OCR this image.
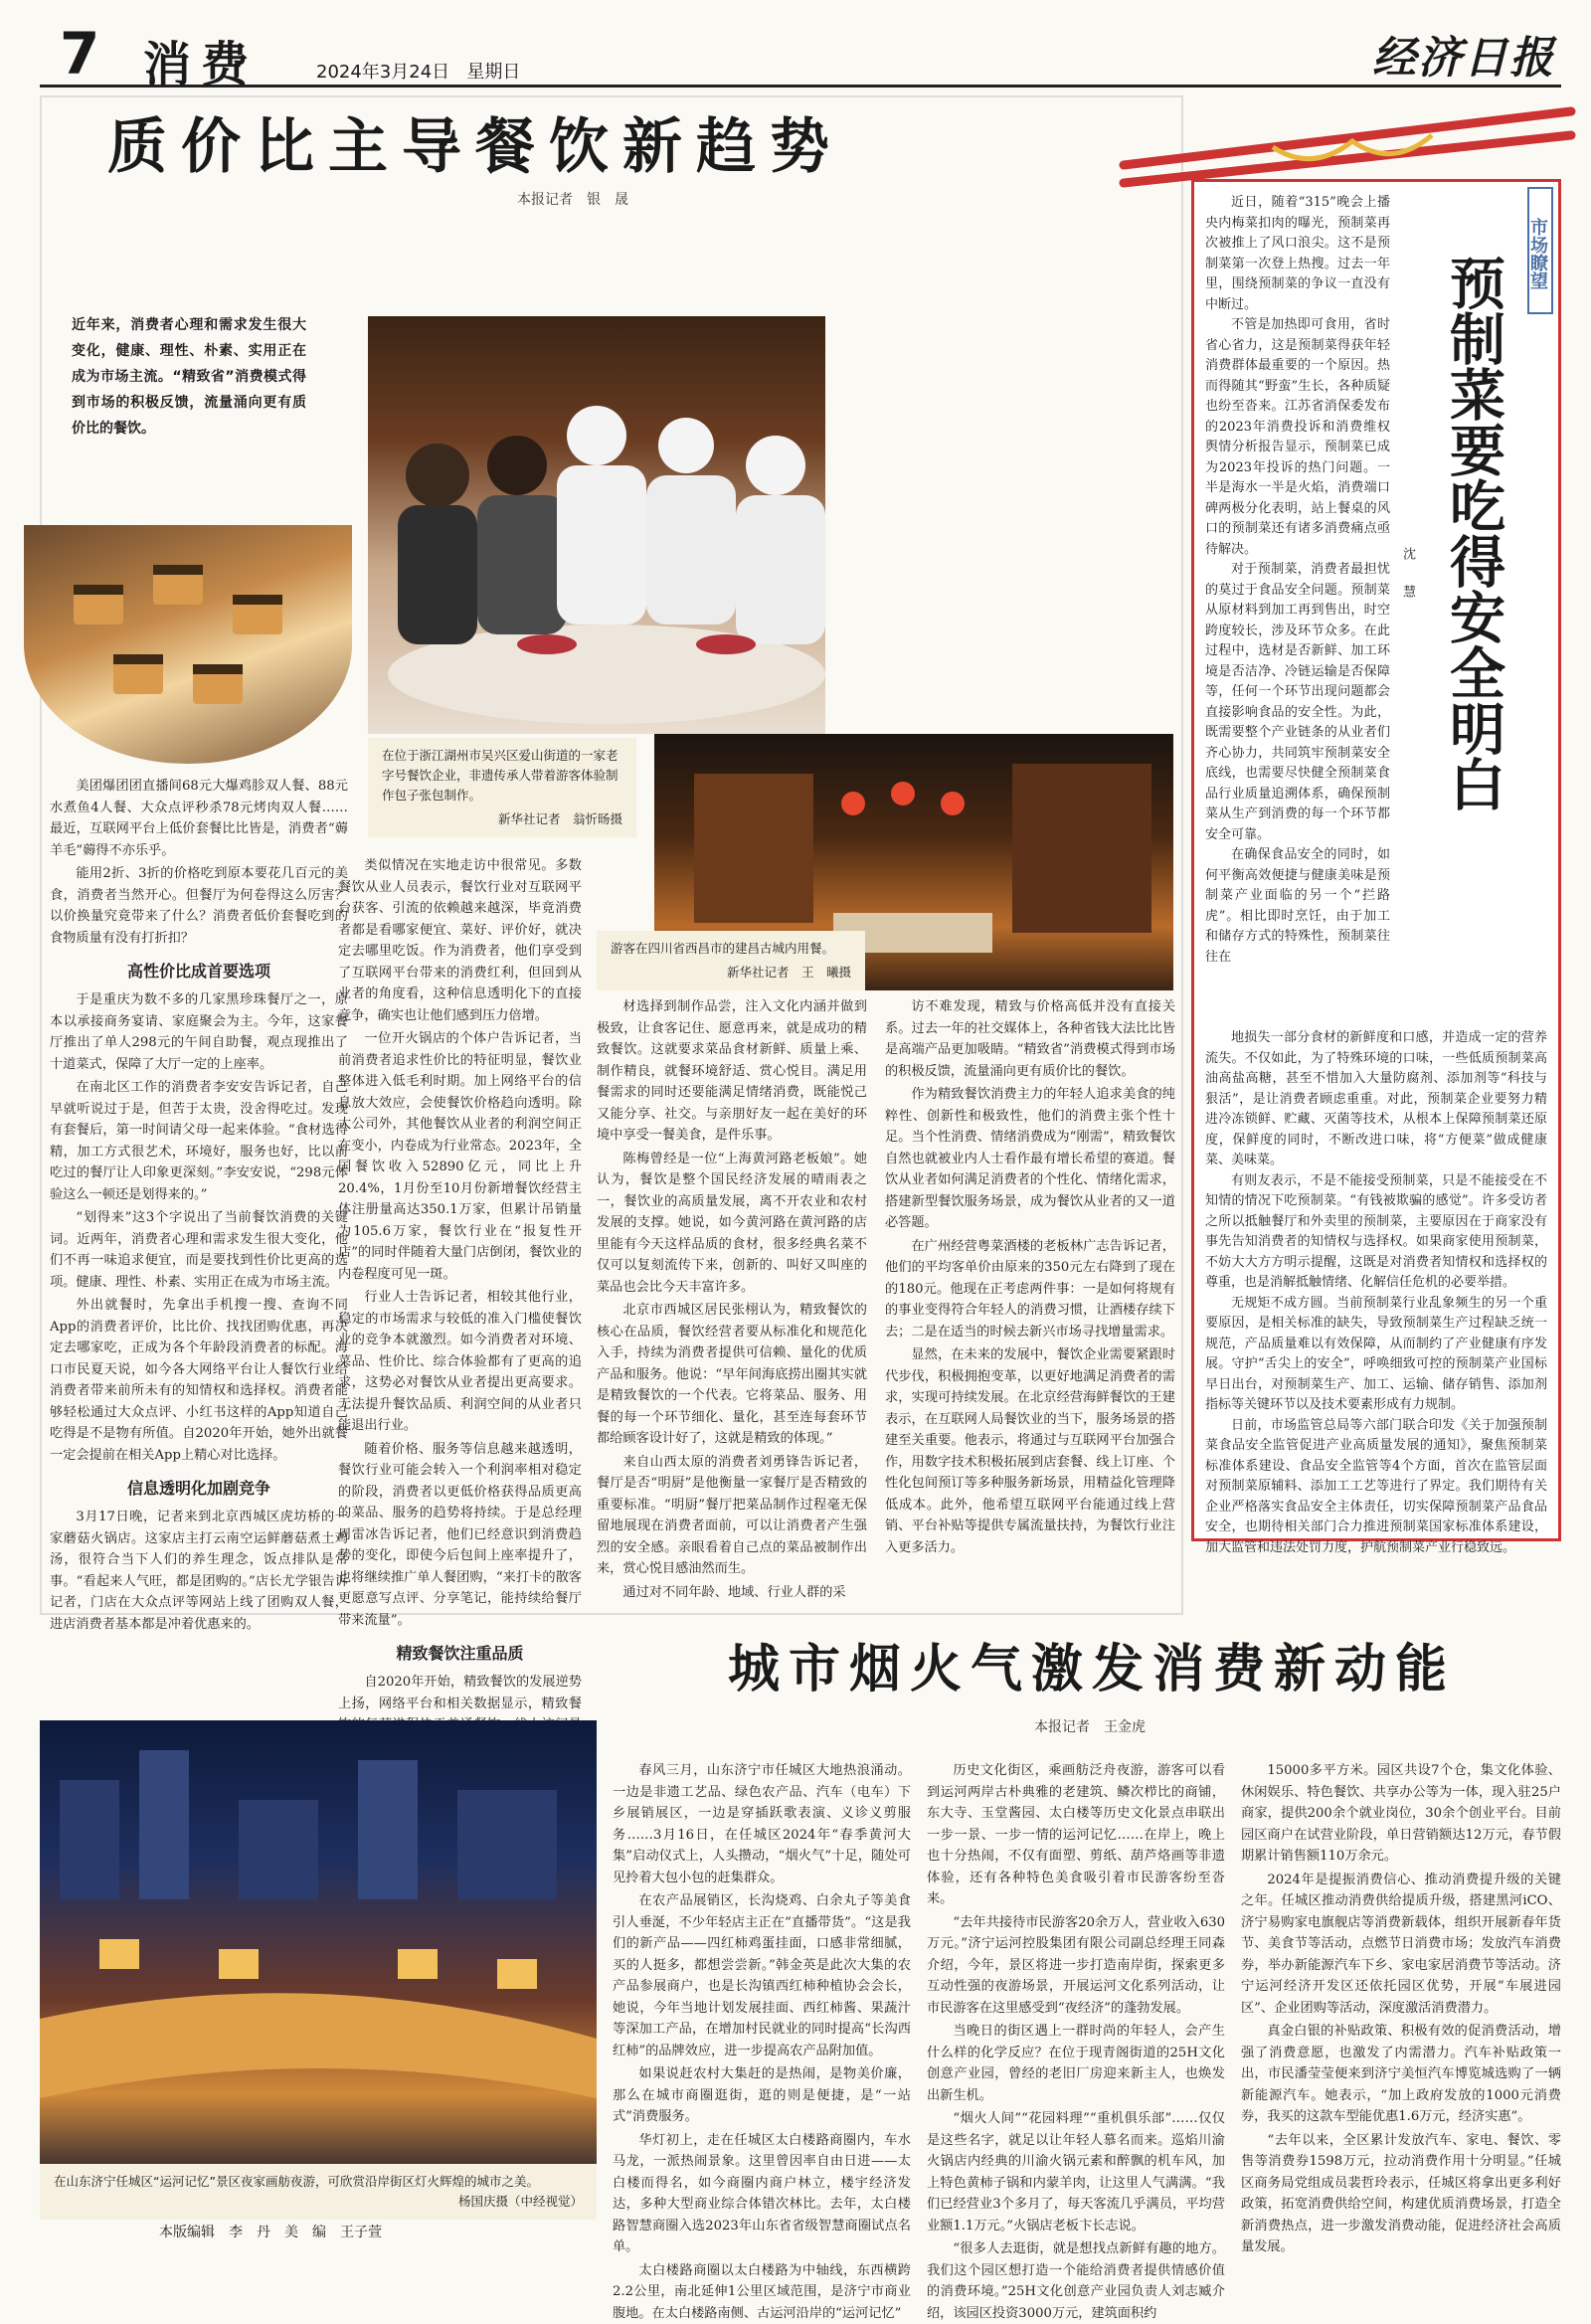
7 消费	2024年3月24日 星期日	经济日报
质价比主导餐饮新趋势
本报记者　银　晟
近年来，消费者心理和需求发生很大变化，健康、理性、朴素、实用正在成为市场主流。“精致省”消费模式得到市场的积极反馈，流量涌向更有质价比的餐饮。
在位于浙江湖州市吴兴区爱山街道的一家老字号餐饮企业，非遗传承人带着游客体验制作包子张包制作。
新华社记者　翁忻旸摄
游客在四川省西昌市的建昌古城内用餐。
新华社记者　王　曦摄

美团爆团团直播间68元大爆鸡胗双人餐、88元水煮鱼4人餐、大众点评秒杀78元烤肉双人餐……最近，互联网平台上低价套餐比比皆是，消费者“薅羊毛”薅得不亦乐乎。

能用2折、3折的价格吃到原本要花几百元的美食，消费者当然开心。但餐厅为何卷得这么厉害？以价换量究竟带来了什么？消费者低价套餐吃到的食物质量有没有打折扣？

高性价比成首要选项

于是重庆为数不多的几家黑珍珠餐厅之一，原本以承接商务宴请、家庭聚会为主。今年，这家餐厅推出了单人298元的午间自助餐，观点现推出了十道菜式，保障了大厅一定的上座率。

在南北区工作的消费者李安安告诉记者，自己早就听说过于是，但苦于太贵，没舍得吃过。发现有套餐后，第一时间请父母一起来体验。“食材选得精，加工方式很艺术，环境好，服务也好，比以前吃过的餐厅让人印象更深刻。”李安安说，“298元体验这么一顿还是划得来的。”

“划得来”这3个字说出了当前餐饮消费的关键词。近两年，消费者心理和需求发生很大变化，他们不再一味追求便宜，而是要找到性价比更高的选项。健康、理性、朴素、实用正在成为市场主流。

外出就餐时，先拿出手机搜一搜、查询不同App的消费者评价，比比价、找找团购优惠，再决定去哪家吃，正成为各个年龄段消费者的标配。海口市民夏天说，如今各大网络平台让人餐饮行业给消费者带来前所未有的知情权和选择权。消费者能够轻松通过大众点评、小红书这样的App知道自己吃得是不是物有所值。自2020年开始，她外出就餐一定会提前在相关App上精心对比选择。

信息透明化加剧竞争

3月17日晚，记者来到北京西城区虎坊桥的一家蘑菇火锅店。这家店主打云南空运鲜蘑菇煮土鸡汤，很符合当下人们的养生理念，饭点排队是常事。“看起来人气旺，都是团购的。”店长尤学银告诉记者，门店在大众点评等网站上线了团购双人餐，进店消费者基本都是冲着优惠来的。

类似情况在实地走访中很常见。多数餐饮从业人员表示，餐饮行业对互联网平台获客、引流的依赖越来越深，毕竟消费者都是看哪家便宜、菜好、评价好，就决定去哪里吃饭。作为消费者，他们享受到了互联网平台带来的消费红利，但回到从业者的角度看，这种信息透明化下的直接竞争，确实也让他们感到压力倍增。

一位开火锅店的个体户告诉记者，当前消费者追求性价比的特征明显，餐饮业整体进入低毛利时期。加上网络平台的信息放大效应，会使餐饮价格趋向透明。除大公司外，其他餐饮从业者的利润空间正在变小，内卷成为行业常态。2023年，全国餐饮收入52890亿元，同比上升20.4%，1月份至10月份新增餐饮经营主体注册量高达350.1万家，但累计吊销量为105.6万家，餐饮行业在“报复性开店”的同时伴随着大量门店倒闭，餐饮业的内卷程度可见一斑。

行业人士告诉记者，相较其他行业，稳定的市场需求与较低的准入门槛使餐饮业的竞争本就激烈。如今消费者对环境、菜品、性价比、综合体验都有了更高的追求，这势必对餐饮从业者提出更高要求。无法提升餐饮品质、利润空间的从业者只能退出行业。

随着价格、服务等信息越来越透明，餐饮行业可能会转入一个利润率相对稳定的阶段，消费者以更低价格获得品质更高的菜品、服务的趋势将持续。于是总经理周雷冰告诉记者，他们已经意识到消费趋势的变化，即使今后包间上座率提升了，也将继续推广单人餐团购，“来打卡的散客更愿意写点评、分享笔记，能持续给餐厅带来流量”。

精致餐饮注重品质

自2020年开始，精致餐饮的发展逆势上扬，网络平台和相关数据显示，精致餐

材选择到制作品尝，注入文化内涵并做到极致，让食客记住、愿意再来，就是成功的精致餐饮。这就要求菜品食材新鲜、质量上乘、制作精良，就餐环境舒适、赏心悦目。满足用餐需求的同时还要能满足情绪消费，既能悦己又能分享、社交。与亲朋好友一起在美好的环境中享受一餐美食，是件乐事。

陈梅曾经是一位“上海黄河路老板娘”。她认为，餐饮是整个国民经济发展的晴雨表之一，餐饮业的高质量发展，离不开农业和农村发展的支撑。她说，如今黄河路在黄河路的店里能有今天这样品质的食材，很多经典名菜不仅可以复刻流传下来，创新的、叫好又叫座的菜品也会比今天丰富许多。

北京市西城区居民张栩认为，精致餐饮的核心在品质，餐饮经营者要从标准化和规范化入手，持续为消费者提供可信赖、量化的优质产品和服务。他说：“早年间海底捞出圈其实就是精致餐饮的一个代表。它将菜品、服务、用餐的每一个环节细化、量化，甚至连每套环节都给顾客设计好了，这就是精致的体现。”

来自山西太原的消费者刘勇锋告诉记者，餐厅是否“明厨”是他衡量一家餐厅是否精致的重要标准。“明厨”餐厅把菜品制作过程毫无保留地展现在消费者面前，可以让消费者产生强烈的安全感。亲眼看着自己点的菜品被制作出来，赏心悦目感油然而生。

通过对不同年龄、地域、行业人群的采

访不难发现，精致与价格高低并没有直接关系。过去一年的社交媒体上，各种省钱大法比比皆是高端产品更加吸睛。“精致省”消费模式得到市场的积极反馈，流量涌向更有质价比的餐饮。

作为精致餐饮消费主力的年轻人追求美食的纯粹性、创新性和极致性，他们的消费主张个性十足。当个性消费、情绪消费成为“刚需”，精致餐饮自然也就被业内人士看作最有增长希望的赛道。餐饮从业者如何满足消费者的个性化、情绪化需求，搭建新型餐饮服务场景，成为餐饮从业者的又一道必答题。

在广州经营粤菜酒楼的老板林广志告诉记者，他们的平均客单价由原来的350元左右降到了现在的180元。他现在正考虑两件事：一是如何将规有的事业变得符合年轻人的消费习惯，让酒楼存续下去；二是在适当的时候去新兴市场寻找增量需求。

显然，在未来的发展中，餐饮企业需要紧跟时代步伐，积极拥抱变革，以更好地满足消费者的需求，实现可持续发展。在北京经营海鲜餐饮的王建表示，在互联网人局餐饮业的当下，服务场景的搭建至关重要。他表示，将通过与互联网平台加强合作，用数字技术积极拓展到店套餐、线上订座、个性化包间预订等多种服务新场景，用精益化管理降低成本。此外，他希望互联网平台能通过线上营销、平台补贴等提供专属流量扶持，为餐饮行业注入更多活力。

市场瞭望
预制菜要吃得安全明白
沈　慧

近日，随着“315”晚会上播央内梅菜扣肉的曝光，预制菜再次被推上了风口浪尖。这不是预制菜第一次登上热搜。过去一年里，围绕预制菜的争议一直没有中断过。

不管是加热即可食用，省时省心省力，这是预制菜得获年轻消费群体最重要的一个原因。热而得随其“野蛮”生长，各种质疑也纷至沓来。江苏省消保委发布的2023年消费投诉和消费维权舆情分析报告显示，预制菜已成为2023年投诉的热门问题。一半是海水一半是火焰，消费端口碑两极分化表明，站上餐桌的风口的预制菜还有诸多消费痛点亟待解决。

对于预制菜，消费者最担忧的莫过于食品安全问题。预制菜从原材料到加工再到售出，时空跨度较长，涉及环节众多。在此过程中，选材是否新鲜、加工环境是否洁净、冷链运输是否保障等，任何一个环节出现问题都会直接影响食品的安全性。为此，既需要整个产业链条的从业者们齐心协力，共同筑牢预制菜安全底线，也需要尽快健全预制菜食品行业质量追溯体系，确保预制菜从生产到消费的每一个环节都安全可靠。

在确保食品安全的同时，如何平衡高效便捷与健康美味是预制菜产业面临的另一个“拦路虎”。相比即时烹饪，由于加工和储存方式的特殊性，预制菜往往在

地损失一部分食材的新鲜度和口感，并造成一定的营养流失。不仅如此，为了特殊环境的口味，一些低质预制菜高油高盐高糖，甚至不惜加入大量防腐剂、添加剂等“科技与狠活”，是让消费者顾虑重重。对此，预制菜企业要努力精进冷冻锁鲜、贮藏、灭菌等技术，从根本上保障预制菜还原度，保鲜度的同时，不断改进口味，将“方便菜”做成健康菜、美味菜。

有则友表示，不是不能接受预制菜，只是不能接受在不知情的情况下吃预制菜。“有钱被欺骗的感觉”。许多受访者之所以抵触餐厅和外卖里的预制菜，主要原因在于商家没有事先告知消费者的知情权与选择权。如果商家使用预制菜，不妨大大方方明示提醒，这既是对消费者知情权和选择权的尊重，也是消解抵触情绪、化解信任危机的必要举措。

无规矩不成方圆。当前预制菜行业乱象频生的另一个重要原因，是相关标准的缺失，导致预制菜生产过程缺乏统一规范，产品质量难以有效保障，从而制约了产业健康有序发展。守护“舌尖上的安全”，呼唤细致可控的预制菜产业国标早日出台，对预制菜生产、加工、运输、储存销售、添加剂指标等关键环节以及技术要素形成有力规制。

日前，市场监管总局等六部门联合印发《关于加强预制菜食品安全监管促进产业高质量发展的通知》，聚焦预制菜标准体系建设、食品安全监管等4个方面，首次在监管层面对预制菜原辅料、添加工工艺等进行了界定。我们期待有关企业严格落实食品安全主体责任，切实保障预制菜产品食品安全，也期待相关部门合力推进预制菜国家标准体系建设，加大监管和违法处罚力度，护航预制菜产业行稳致远。

城市烟火气激发消费新动能
本报记者　王金虎
在山东济宁任城区“运河记忆”景区夜家画舫夜游，可欣赏沿岸街区灯火辉煌的城市之美。
杨国庆摄（中经视觉）

春风三月，山东济宁市任城区大地热浪涌动。一边是非遗工艺品、绿色农产品、汽车（电车）下乡展销展区，一边是穿插跃歌表演、义诊义剪服务……3月16日，在任城区2024年“春季黄河大集”启动仪式上，人头攒动，“烟火气”十足，随处可见拎着大包小包的赶集群众。

在农产品展销区，长沟烧鸡、白余丸子等美食引人垂涎，不少年轻店主正在“直播带货”。“这是我们的新产品——四红柿鸡蛋挂面，口感非常细腻，买的人挺多，都想尝尝新。”韩金英是此次大集的农产品参展商户，也是长沟镇西红柿种植协会会长，她说，今年当地计划发展挂面、西红柿酱、果蔬汁等深加工产品，在增加村民就业的同时提高“长沟西红柿”的品牌效应，进一步提高农产品附加值。

如果说赶农村大集赶的是热闹，是物美价廉，那么在城市商圈逛街，逛的则是便捷，是“一站式”消费服务。

华灯初上，走在任城区太白楼路商圈内，车水马龙，一派热闹景象。这里曾因率自由日进——太白楼而得名，如今商圈内商户林立，楼宇经济发达，多种大型商业综合体错次林比。去年，太白楼路智慧商圈入选2023年山东省省级智慧商圈试点名单。

太白楼路商圈以太白楼路为中轴线，东西横跨2.2公里，南北延伸1公里区域范围，是济宁市商业腹地。在太白楼路南侧、古运河沿岸的“运河记忆”

历史文化街区，乘画舫泛舟夜游，游客可以看到运河两岸古朴典雅的老建筑、鳞次栉比的商铺，东大寺、玉堂酱园、太白楼等历史文化景点串联出一步一景、一步一情的运河记忆……在岸上，晚上也十分热闹，不仅有面塑、剪纸、葫芦烙画等非遗体验，还有各种特色美食吸引着市民游客纷至沓来。

“去年共接待市民游客20余万人，营业收入630万元。”济宁运河控股集团有限公司副总经理王同森介绍，今年，景区将进一步打造南岸街，探索更多互动性强的夜游场景，开展运河文化系列活动，让市民游客在这里感受到“夜经济”的蓬勃发展。

当晚日的街区遇上一群时尚的年轻人，会产生什么样的化学反应？在位于现青阁街道的25H文化创意产业园，曾经的老旧厂房迎来新主人，也焕发出新生机。

“烟火人间”“花园料理”“重机俱乐部”……仅仅是这些名字，就足以让年轻人慕名而来。巡焰川渝火锅店内经典的川渝火锅元素和醉飘的机车风，加上特色黄柿子锅和内蒙羊肉，让这里人气满满。“我们已经营业3个多月了，每天客流几乎满员，平均营业额1.1万元。”火锅店老板卞长志说。

“很多人去逛街，就是想找点新鲜有趣的地方。我们这个园区想打造一个能给消费者提供情感价值的消费环境。”25H文化创意产业园负责人刘志臧介绍，该园区投资3000万元，建筑面积约

15000多平方米。园区共设7个仓，集文化体验、休闲娱乐、特色餐饮、共享办公等为一体，现入驻25户商家，提供200余个就业岗位，30余个创业平台。目前园区商户在试营业阶段，单日营销额达12万元，春节假期累计销售额110万余元。

2024年是提振消费信心、推动消费提升级的关键之年。任城区推动消费供给提质升级，搭建黑河iCO、济宁易购家电旗舰店等消费新载体，组织开展新春年货节、美食节等活动，点燃节日消费市场；发放汽车消费券，举办新能源汽车下乡、家电家居消费节等活动。济宁运河经济开发区还依托园区优势，开展“车展进园区”、企业团购等活动，深度激活消费潜力。

真金白银的补贴政策、积极有效的促消费活动，增强了消费意愿，也激发了内需潜力。汽车补贴政策一出，市民潘莹莹便来到济宁美恒汽车博览城选购了一辆新能源汽车。她表示，“加上政府发放的1000元消费券，我买的这款车型能优惠1.6万元，经济实惠”。

“去年以来，全区累计发放汽车、家电、餐饮、零售等消费券1598万元，拉动消费作用十分明显。”任城区商务局党组成员裴哲玲表示，任城区将拿出更多利好政策，拓宽消费供给空间，构建优质消费场景，打造全新消费热点，进一步激发消费动能，促进经济社会高质量发展。

本版编辑　李　丹　美　编　王子萱
